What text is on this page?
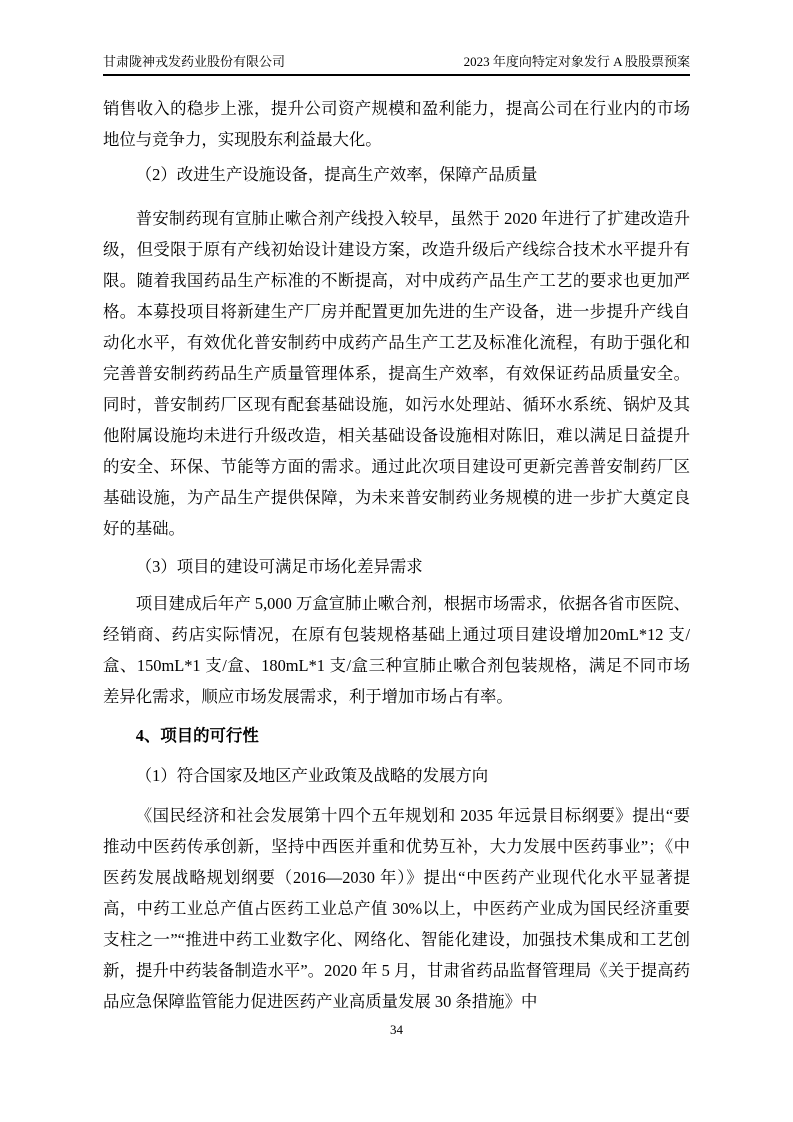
甘肃陇神戎发药业股份有限公司	2023 年度向特定对象发行 A 股股票预案

销售收入的稳步上涨，提升公司资产规模和盈利能力，提高公司在行业内的市场地位与竞争力，实现股东利益最大化。

（2）改进生产设施设备，提高生产效率，保障产品质量

普安制药现有宣肺止嗽合剂产线投入较早，虽然于 2020 年进行了扩建改造升级，但受限于原有产线初始设计建设方案，改造升级后产线综合技术水平提升有限。随着我国药品生产标准的不断提高，对中成药产品生产工艺的要求也更加严格。本募投项目将新建生产厂房并配置更加先进的生产设备，进一步提升产线自动化水平，有效优化普安制药中成药产品生产工艺及标准化流程，有助于强化和完善普安制药药品生产质量管理体系，提高生产效率，有效保证药品质量安全。同时，普安制药厂区现有配套基础设施，如污水处理站、循环水系统、锅炉及其他附属设施均未进行升级改造，相关基础设备设施相对陈旧，难以满足日益提升的安全、环保、节能等方面的需求。通过此次项目建设可更新完善普安制药厂区基础设施，为产品生产提供保障，为未来普安制药业务规模的进一步扩大奠定良好的基础。

（3）项目的建设可满足市场化差异需求

项目建成后年产 5,000 万盒宣肺止嗽合剂，根据市场需求，依据各省市医院、经销商、药店实际情况，在原有包装规格基础上通过项目建设增加20mL*12 支/盒、150mL*1 支/盒、180mL*1 支/盒三种宣肺止嗽合剂包装规格，满足不同市场差异化需求，顺应市场发展需求，利于增加市场占有率。

4、项目的可行性

（1）符合国家及地区产业政策及战略的发展方向

《国民经济和社会发展第十四个五年规划和 2035 年远景目标纲要》提出“要推动中医药传承创新，坚持中西医并重和优势互补，大力发展中医药事业”；《中医药发展战略规划纲要（2016—2030 年）》提出“中医药产业现代化水平显著提高，中药工业总产值占医药工业总产值 30%以上，中医药产业成为国民经济重要支柱之一”“推进中药工业数字化、网络化、智能化建设，加强技术集成和工艺创新，提升中药装备制造水平”。2020 年 5 月，甘肃省药品监督管理局《关于提高药品应急保障监管能力促进医药产业高质量发展 30 条措施》中

34
